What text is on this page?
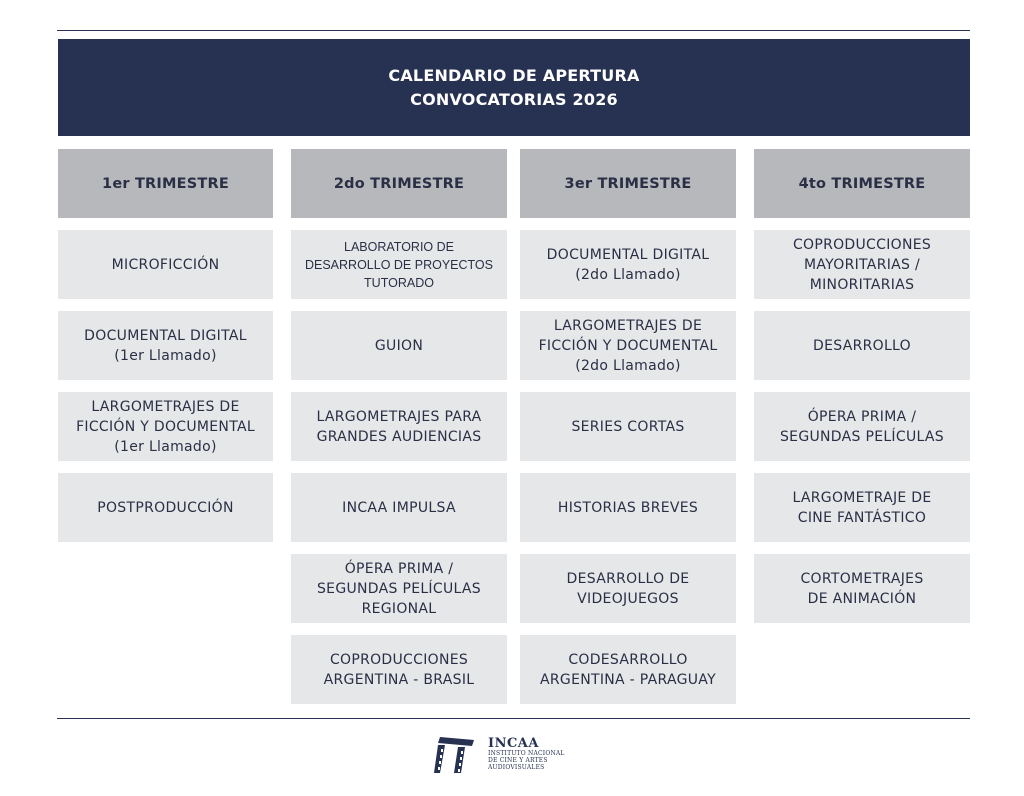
CALENDARIO DE APERTURA
CONVOCATORIAS 2026
1er TRIMESTRE
MICROFICCIÓN
DOCUMENTAL DIGITAL
(1er Llamado)
LARGOMETRAJES DE
FICCIÓN Y DOCUMENTAL
(1er Llamado)
POSTPRODUCCIÓN
2do TRIMESTRE
LABORATORIO DE
DESARROLLO DE PROYECTOS
TUTORADO
GUION
LARGOMETRAJES PARA
GRANDES AUDIENCIAS
INCAA IMPULSA
ÓPERA PRIMA /
SEGUNDAS PELÍCULAS
REGIONAL
COPRODUCCIONES
ARGENTINA - BRASIL
3er TRIMESTRE
DOCUMENTAL DIGITAL
(2do Llamado)
LARGOMETRAJES DE
FICCIÓN Y DOCUMENTAL
(2do Llamado)
SERIES CORTAS
HISTORIAS BREVES
DESARROLLO DE
VIDEOJUEGOS
CODESARROLLO
ARGENTINA - PARAGUAY
4to TRIMESTRE
COPRODUCCIONES
MAYORITARIAS /
MINORITARIAS
DESARROLLO
ÓPERA PRIMA /
SEGUNDAS PELÍCULAS
LARGOMETRAJE DE
CINE FANTÁSTICO
CORTOMETRAJES
DE ANIMACIÓN
INCAA
INSTITUTO NACIONAL
DE CINE Y ARTES
AUDIOVISUALES
